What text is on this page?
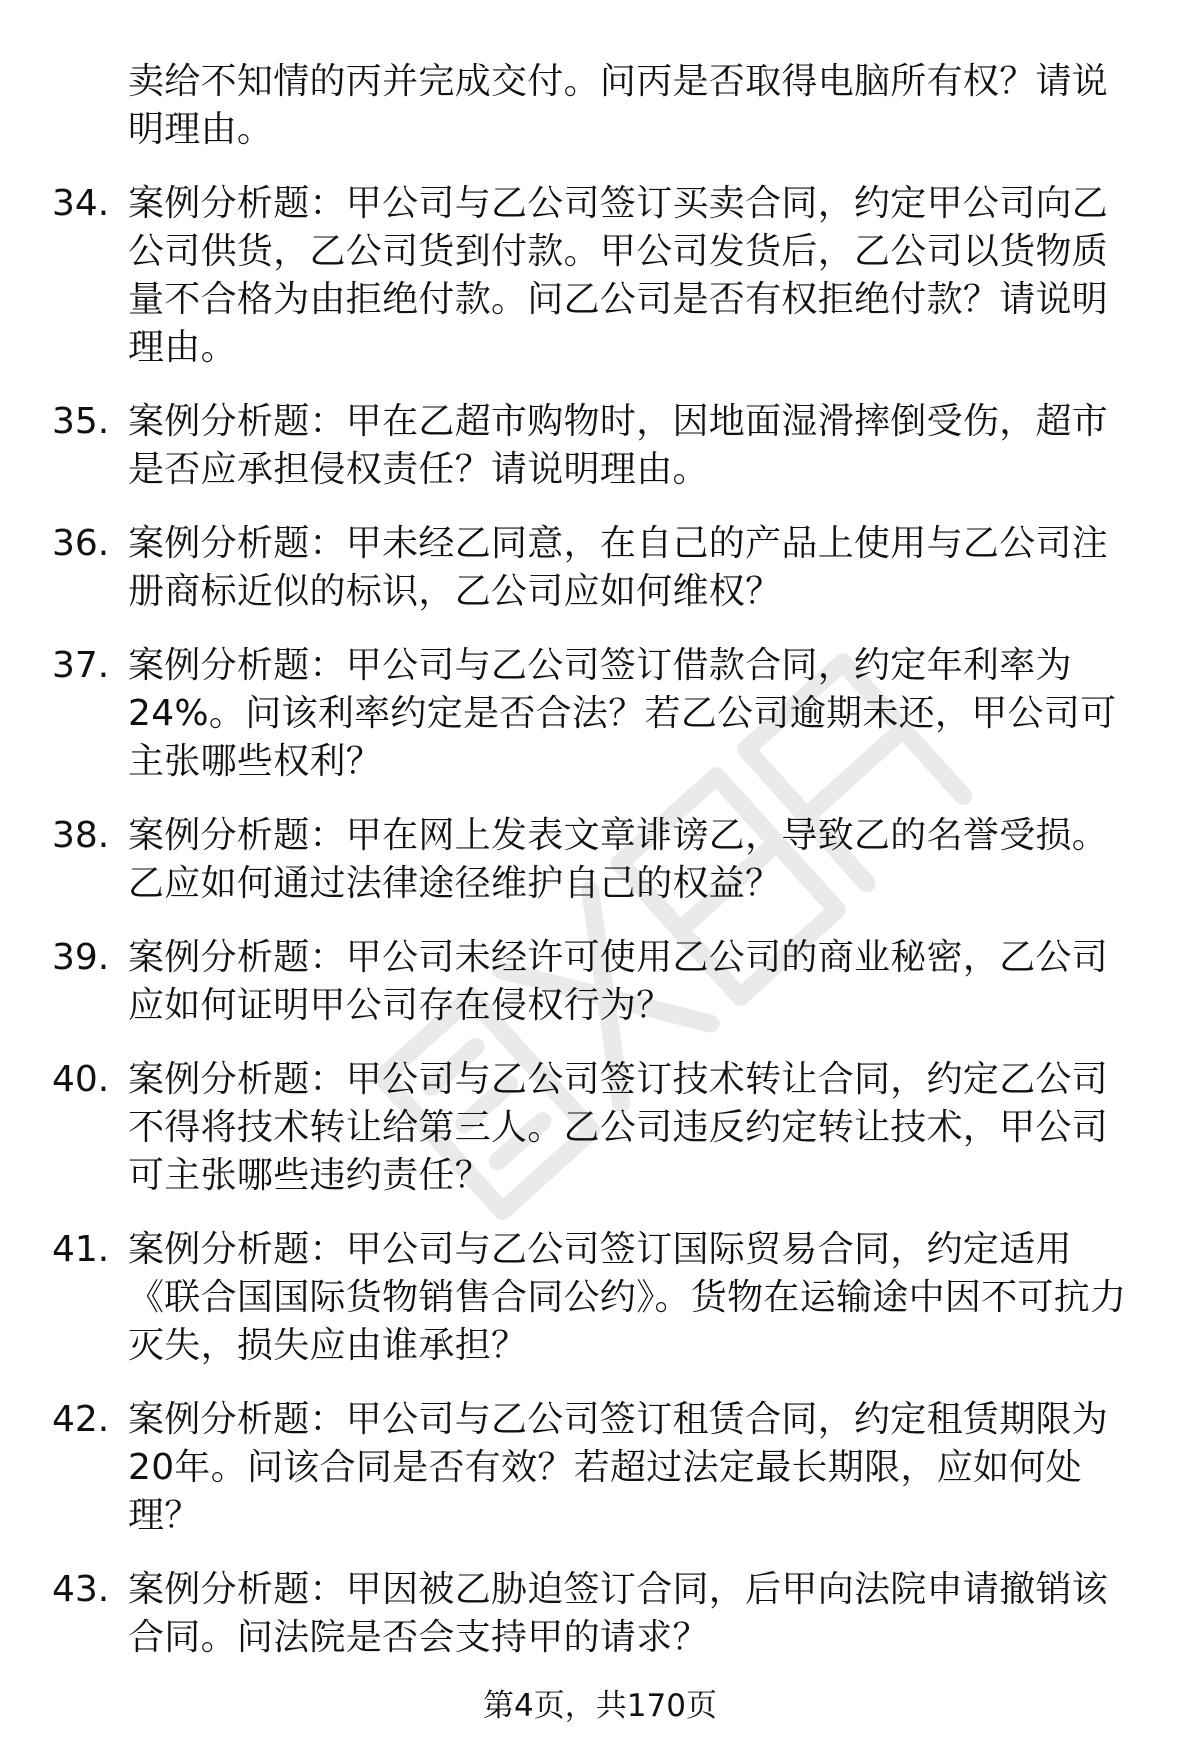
卖给不知情的丙并完成交付。问丙是否取得电脑所有权？请说明理由。

34. 案例分析题：甲公司与乙公司签订买卖合同，约定甲公司向乙公司供货，乙公司货到付款。甲公司发货后，乙公司以货物质量不合格为由拒绝付款。问乙公司是否有权拒绝付款？请说明理由。
35. 案例分析题：甲在乙超市购物时，因地面湿滑摔倒受伤，超市是否应承担侵权责任？请说明理由。
36. 案例分析题：甲未经乙同意，在自己的产品上使用与乙公司注册商标近似的标识，乙公司应如何维权？
37. 案例分析题：甲公司与乙公司签订借款合同，约定年利率为24%。问该利率约定是否合法？若乙公司逾期未还，甲公司可主张哪些权利？
38. 案例分析题：甲在网上发表文章诽谤乙，导致乙的名誉受损。乙应如何通过法律途径维护自己的权益？
39. 案例分析题：甲公司未经许可使用乙公司的商业秘密，乙公司应如何证明甲公司存在侵权行为？
40. 案例分析题：甲公司与乙公司签订技术转让合同，约定乙公司不得将技术转让给第三人。乙公司违反约定转让技术，甲公司可主张哪些违约责任？
41. 案例分析题：甲公司与乙公司签订国际贸易合同，约定适用《联合国国际货物销售合同公约》。货物在运输途中因不可抗力灭失，损失应由谁承担？
42. 案例分析题：甲公司与乙公司签订租赁合同，约定租赁期限为20年。问该合同是否有效？若超过法定最长期限，应如何处理？
43. 案例分析题：甲因被乙胁迫签订合同，后甲向法院申请撤销该合同。问法院是否会支持甲的请求？
第4页，共170页
